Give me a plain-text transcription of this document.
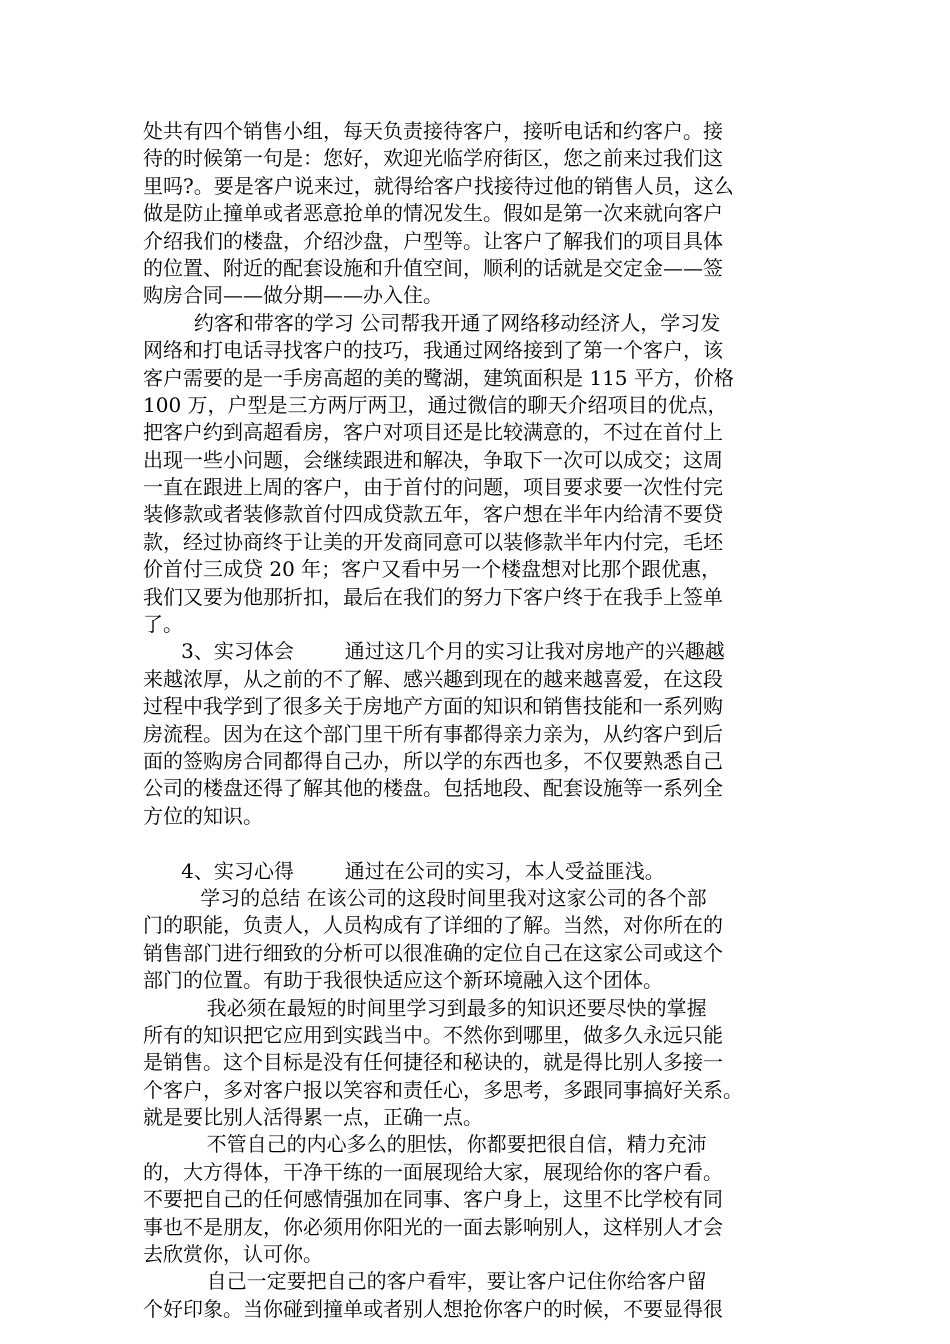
处共有四个销售小组，每天负责接待客户，接听电话和约客户。接
待的时候第一句是：您好，欢迎光临学府街区，您之前来过我们这
里吗?。要是客户说来过，就得给客户找接待过他的销售人员，这么
做是防止撞单或者恶意抢单的情况发生。假如是第一次来就向客户
介绍我们的楼盘，介绍沙盘，户型等。让客户了解我们的项目具体
的位置、附近的配套设施和升值空间，顺利的话就是交定金——签
购房合同——做分期——办入住。
约客和带客的学习 公司帮我开通了网络移动经济人，学习发
网络和打电话寻找客户的技巧，我通过网络接到了第一个客户，该
客户需要的是一手房高超的美的鹭湖，建筑面积是 115 平方，价格
100 万，户型是三方两厅两卫，通过微信的聊天介绍项目的优点，
把客户约到高超看房，客户对项目还是比较满意的，不过在首付上
出现一些小问题，会继续跟进和解决，争取下一次可以成交；这周
一直在跟进上周的客户，由于首付的问题，项目要求要一次性付完
装修款或者装修款首付四成贷款五年，客户想在半年内给清不要贷
款，经过协商终于让美的开发商同意可以装修款半年内付完，毛坯
价首付三成贷 20 年；客户又看中另一个楼盘想对比那个跟优惠，
我们又要为他那折扣，最后在我们的努力下客户终于在我手上签单
了。
3、实习体会        通过这几个月的实习让我对房地产的兴趣越
来越浓厚，从之前的不了解、感兴趣到现在的越来越喜爱，在这段
过程中我学到了很多关于房地产方面的知识和销售技能和一系列购
房流程。因为在这个部门里干所有事都得亲力亲为，从约客户到后
面的签购房合同都得自己办，所以学的东西也多，不仅要熟悉自己
公司的楼盘还得了解其他的楼盘。包括地段、配套设施等一系列全
方位的知识。
4、实习心得        通过在公司的实习，本人受益匪浅。
学习的总结 在该公司的这段时间里我对这家公司的各个部
门的职能，负责人，人员构成有了详细的了解。当然，对你所在的
销售部门进行细致的分析可以很准确的定位自己在这家公司或这个
部门的位置。有助于我很快适应这个新环境融入这个团体。
我必须在最短的时间里学习到最多的知识还要尽快的掌握
所有的知识把它应用到实践当中。不然你到哪里，做多久永远只能
是销售。这个目标是没有任何捷径和秘诀的，就是得比别人多接一
个客户，多对客户报以笑容和责任心，多思考，多跟同事搞好关系。
就是要比别人活得累一点，正确一点。
不管自己的内心多么的胆怯，你都要把很自信，精力充沛
的，大方得体，干净干练的一面展现给大家，展现给你的客户看。
不要把自己的任何感情强加在同事、客户身上，这里不比学校有同
事也不是朋友，你必须用你阳光的一面去影响别人，这样别人才会
去欣赏你，认可你。
自己一定要把自己的客户看牢，要让客户记住你给客户留
个好印象。当你碰到撞单或者别人想抢你客户的时候，不要显得很
